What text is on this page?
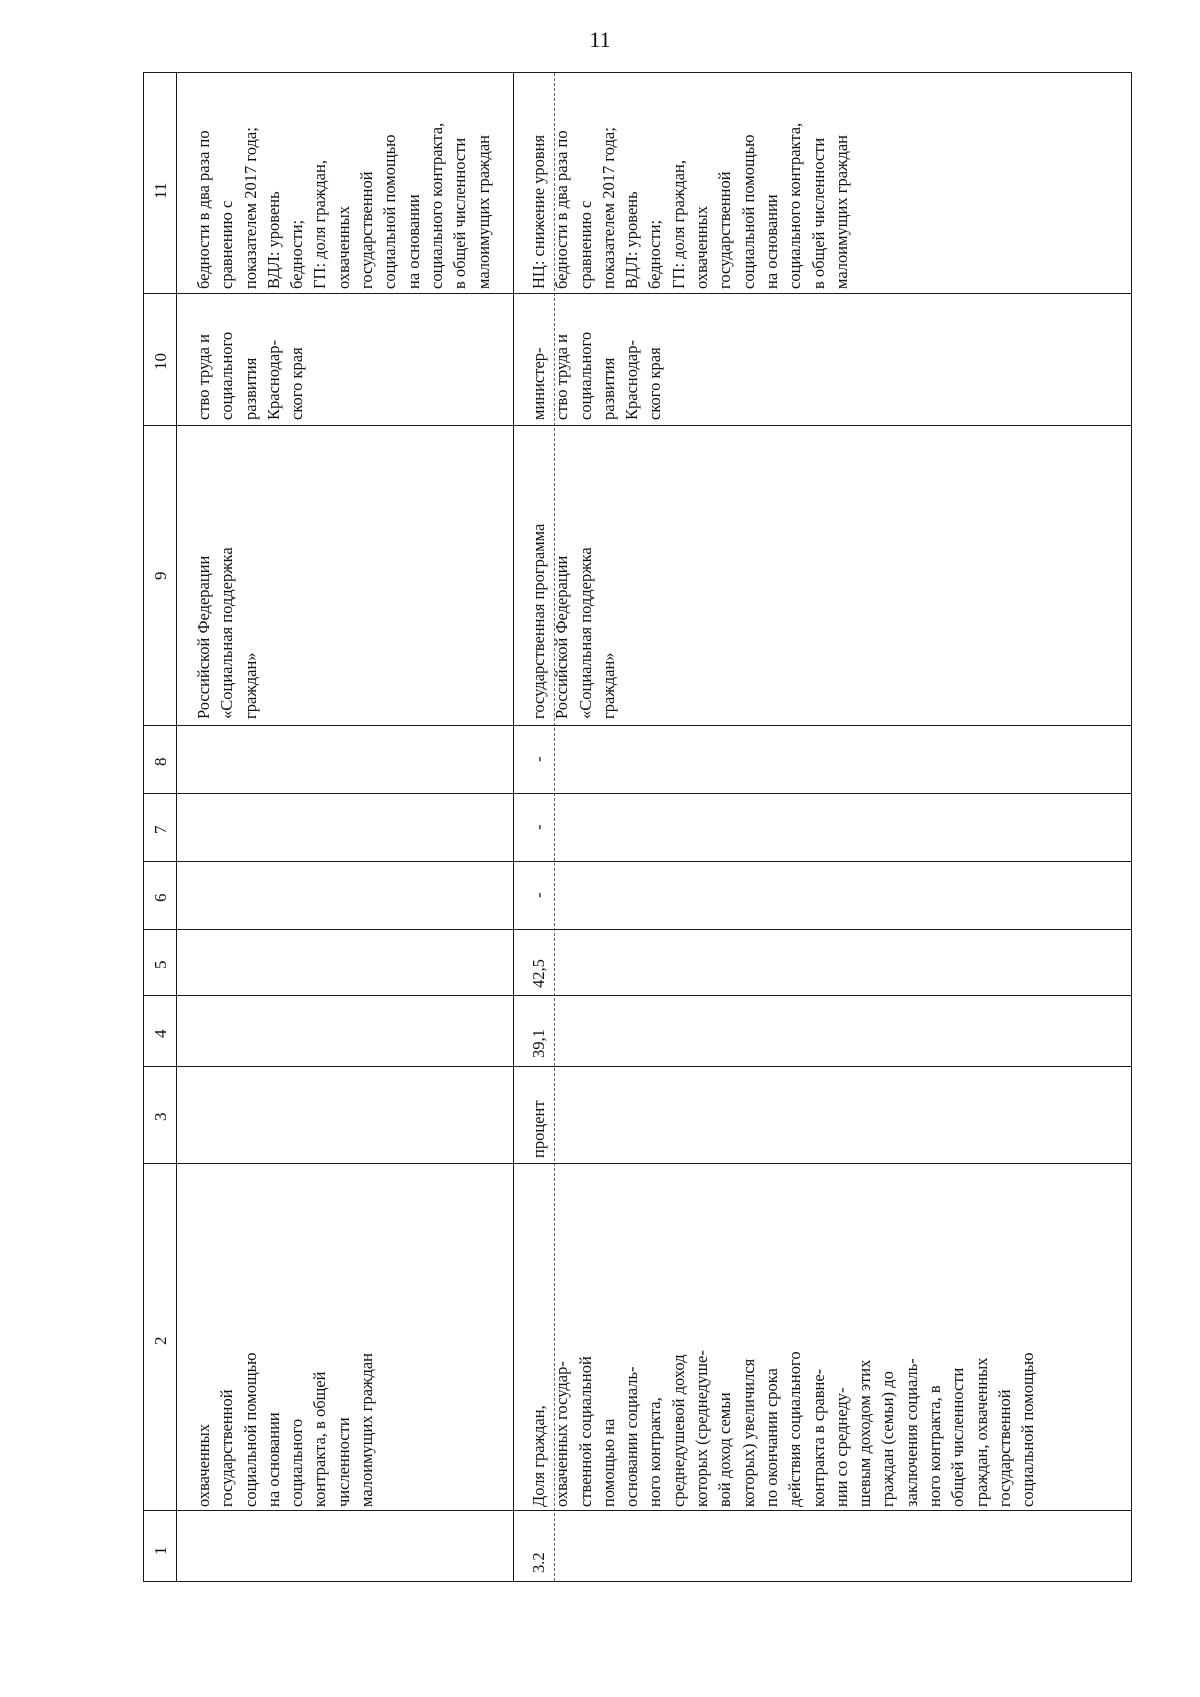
11
1
2
3
4
5
6
7
8
9
10
11
охваченных
государственной
социальной помощью
на основании
социального
контракта, в общей
численности
малоимущих граждан
Российской Федерации
«Социальная поддержка
граждан»
ство труда и
социального
развития
Краснодар-
ского края
бедности в два раза по
сравнению с
показателем 2017 года;
ВДЛ: уровень
бедности;
ГП: доля граждан,
охваченных
государственной
социальной помощью
на основании
социального контракта,
в общей численности
малоимущих граждан
3.2
Доля граждан,
охваченных государ-
ственной социальной
помощью на
основании социаль-
ного контракта,
среднедушевой доход
которых (среднедуше-
вой доход семьи
которых) увеличился
по окончании срока
действия социального
контракта в сравне-
нии со среднеду-
шевым доходом этих
граждан (семьи) до
заключения социаль-
ного контракта, в
общей численности
граждан, охваченных
государственной
социальной помощью
процент
39,1
42,5
-
-
-
государственная программа
Российской Федерации
«Социальная поддержка
граждан»
министер-
ство труда и
социального
развития
Краснодар-
ского края
НЦ: снижение уровня
бедности в два раза по
сравнению с
показателем 2017 года;
ВДЛ: уровень
бедности;
ГП: доля граждан,
охваченных
государственной
социальной помощью
на основании
социального контракта,
в общей численности
малоимущих граждан
